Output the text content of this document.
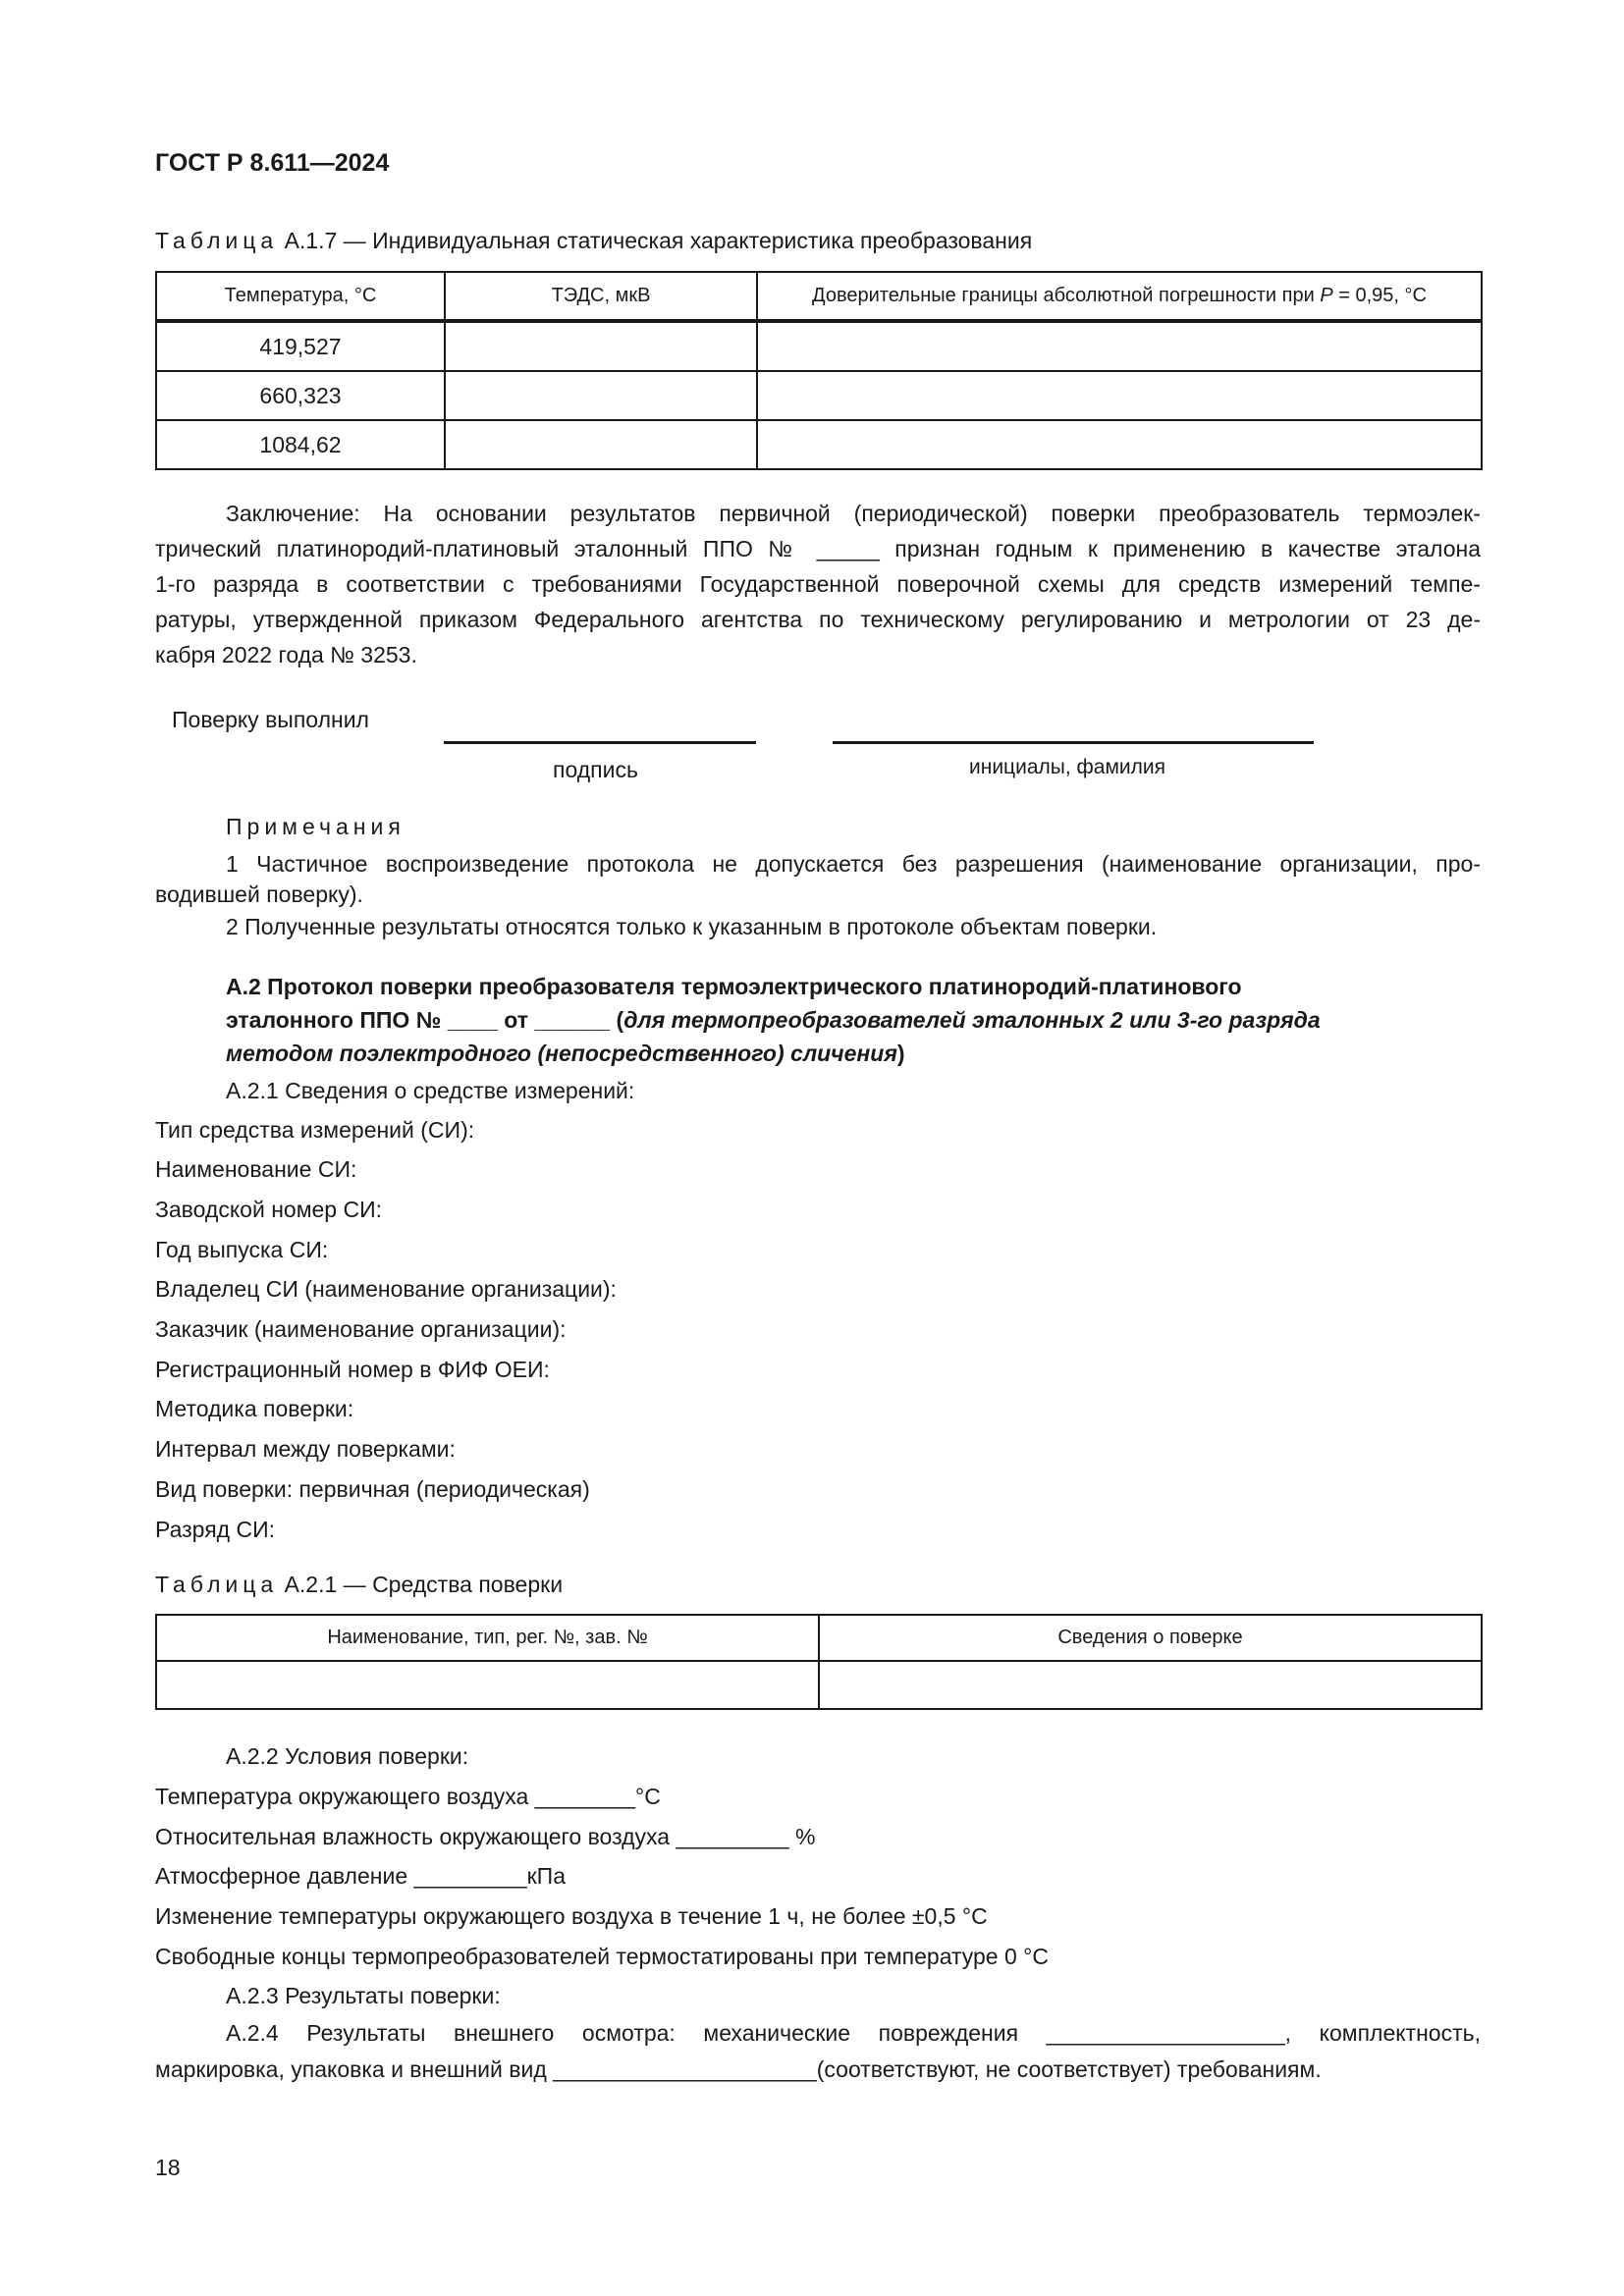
ГОСТ Р 8.611—2024
Таблица А.1.7 — Индивидуальная статическая характеристика преобразования
Температура, °C	ТЭДС, мкВ	Доверительные границы абсолютной погрешности при P = 0,95, °C
419,527		
660,323		
1084,62		
Заключение: На основании результатов первичной (периодической) поверки преобразователь термоэлек-
трический платинородий-платиновый эталонный ППО № _____ признан годным к применению в качестве эталона
1-го разряда в соответствии с требованиями Государственной поверочной схемы для средств измерений темпе-
ратуры, утвержденной приказом Федерального агентства по техническому регулированию и метрологии от 23 де-
кабря 2022 года № 3253.
Поверку выполнил
подпись	инициалы, фамилия
Примечания
1 Частичное воспроизведение протокола не допускается без разрешения (наименование организации, про-
водившей поверку).
2 Полученные результаты относятся только к указанным в протоколе объектам поверки.
А.2 Протокол поверки преобразователя термоэлектрического платинородий-платинового
эталонного ППО № ____ от ______ (для термопреобразователей эталонных 2 или 3-го разряда
методом поэлектродного (непосредственного) сличения)
А.2.1 Сведения о средстве измерений:
Тип средства измерений (СИ):
Наименование СИ:
Заводской номер СИ:
Год выпуска СИ:
Владелец СИ (наименование организации):
Заказчик (наименование организации):
Регистрационный номер в ФИФ ОЕИ:
Методика поверки:
Интервал между поверками:
Вид поверки: первичная (периодическая)
Разряд СИ:
Таблица А.2.1 — Средства поверки
Наименование, тип, рег. №, зав. №	Сведения о поверке

А.2.2 Условия поверки:
Температура окружающего воздуха ________°C
Относительная влажность окружающего воздуха _________ %
Атмосферное давление _________кПа
Изменение температуры окружающего воздуха в течение 1 ч, не более ±0,5 °C
Свободные концы термопреобразователей термостатированы при температуре 0 °C
А.2.3 Результаты поверки:
А.2.4 Результаты внешнего осмотра: механические повреждения ___________________, комплектность,
маркировка, упаковка и внешний вид _____________________(соответствуют, не соответствует) требованиям.
18
